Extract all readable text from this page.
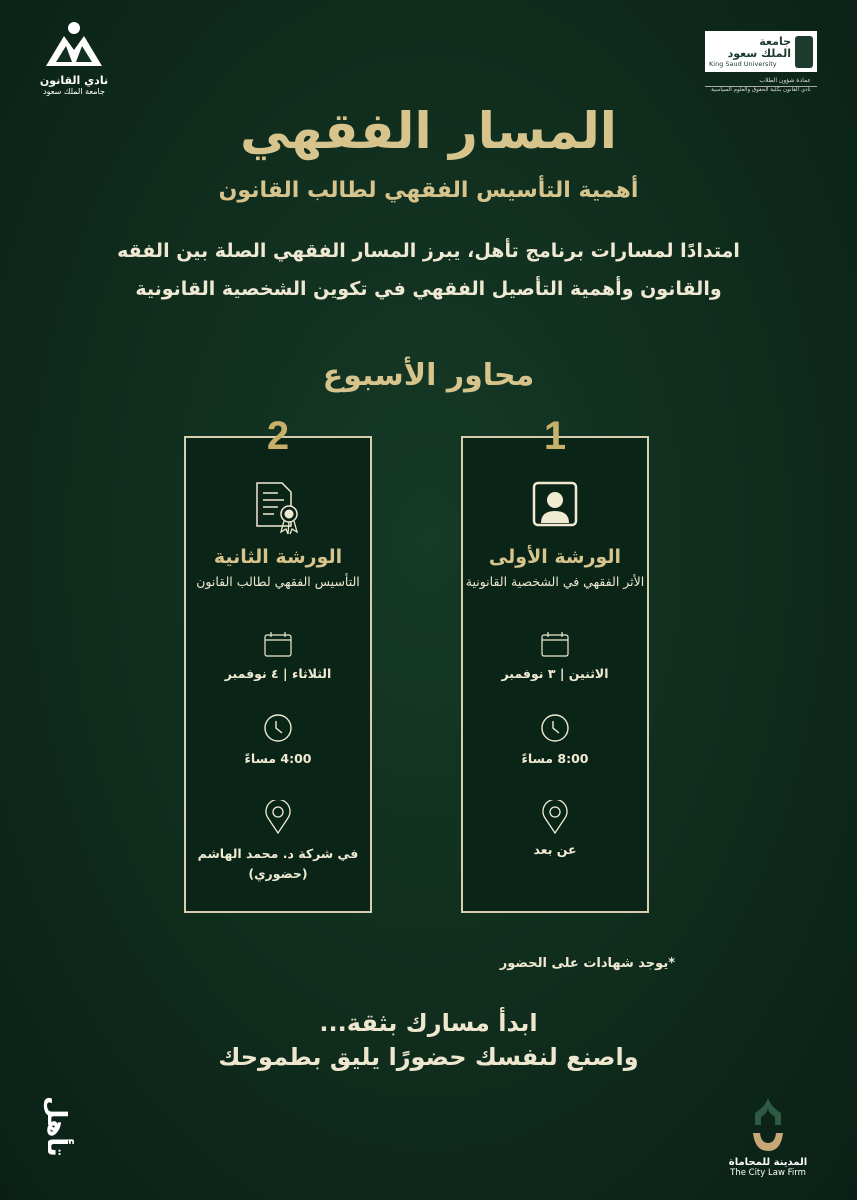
نادي القانون
جامعة الملك سعود
جامعة
الملك سعود
King Saud University
عمادة شؤون الطلاب
نادي القانون بكلية الحقوق والعلوم السياسية
المسار الفقهي
أهمية التأسيس الفقهي لطالب القانون
امتدادًا لمسارات برنامج تأهل، يبرز المسار الفقهي الصلة بين الفقه
والقانون وأهمية التأصيل الفقهي في تكوين الشخصية القانونية
محاور الأسبوع
الورشة الأولى
الأثر الفقهي في الشخصية القانونية
الاثنين | ٣ نوفمبر
8:00 مساءً
عن بعد
1
الورشة الثانية
التأسيس الفقهي لطالب القانون
الثلاثاء | ٤ نوفمبر
4:00 مساءً
في شركة د. محمد الهاشم
(حضوري)
2
*يوجد شهادات على الحضور
ابدأ مسارك بثقة...
واصنع لنفسك حضورًا يليق بطموحك
تأهل
المدينة للمحاماة
The City Law Firm
